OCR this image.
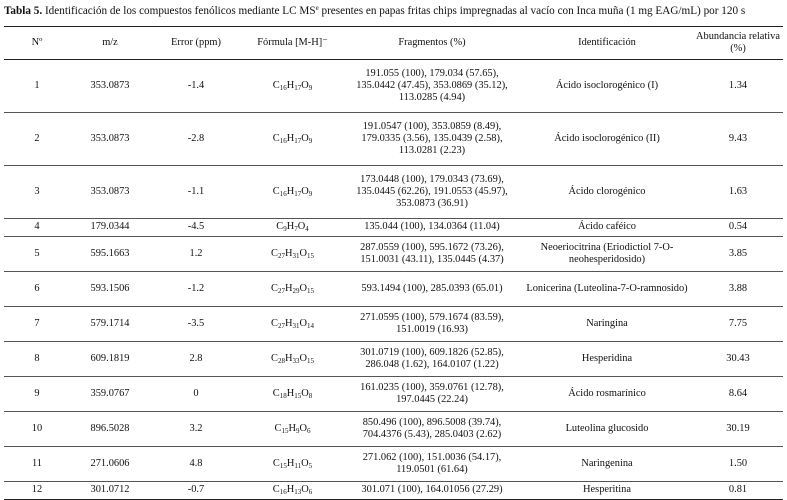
Tabla 5. Identificación de los compuestos fenólicos mediante LC $MS^e$ presentes en papas fritas chips impregnadas al vacío con Inca muña (1 mg EAG/mL) por 120 s
Nº	m/z	Error (ppm)	Fórmula [M-H]⁻	Fragmentos (%)	Identificación	Abundancia relativa (%)
1	353.0873	-1.4	$C_{16}H_{17}O_9$	191.055 (100), 179.034 (57.65), 135.0442 (47.45), 353.0869 (35.12), 113.0285 (4.94)	Ácido isoclorogénico (I)	1.34
2	353.0873	-2.8	$C_{16}H_{17}O_9$	191.0547 (100), 353.0859 (8.49), 179.0335 (3.56), 135.0439 (2.58), 113.0281 (2.23)	Ácido isoclorogénico (II)	9.43
3	353.0873	-1.1	$C_{16}H_{17}O_9$	173.0448 (100), 179.0343 (73.69), 135.0445 (62.26), 191.0553 (45.97), 353.0873 (36.91)	Ácido clorogénico	1.63
4	179.0344	-4.5	$C_9H_7O_4$	135.044 (100), 134.0364 (11.04)	Ácido caféico	0.54
5	595.1663	1.2	$C_{27}H_{31}O_{15}$	287.0559 (100), 595.1672 (73.26), 151.0031 (43.11), 135.0445 (4.37)	Neoeriocitrina (Eriodictiol 7-O-neohesperidosido)	3.85
6	593.1506	-1.2	$C_{27}H_{29}O_{15}$	593.1494 (100), 285.0393 (65.01)	Lonicerina (Luteolina-7-O-ramnosido)	3.88
7	579.1714	-3.5	$C_{27}H_{31}O_{14}$	271.0595 (100), 579.1674 (83.59), 151.0019 (16.93)	Naringina	7.75
8	609.1819	2.8	$C_{28}H_{33}O_{15}$	301.0719 (100), 609.1826 (52.85), 286.048 (1.62), 164.0107 (1.22)	Hesperidina	30.43
9	359.0767	0	$C_{18}H_{15}O_8$	161.0235 (100), 359.0761 (12.78), 197.0445 (22.24)	Ácido rosmarínico	8.64
10	896.5028	3.2	$C_{15}H_9O_6$	850.496 (100), 896.5008 (39.74), 704.4376 (5.43), 285.0403 (2.62)	Luteolina glucosido	30.19
11	271.0606	4.8	$C_{15}H_{11}O_5$	271.062 (100), 151.0036 (54.17), 119.0501 (61.64)	Naringenina	1.50
12	301.0712	-0.7	$C_{16}H_{13}O_6$	301.071 (100), 164.01056 (27.29)	Hesperitina	0.81
